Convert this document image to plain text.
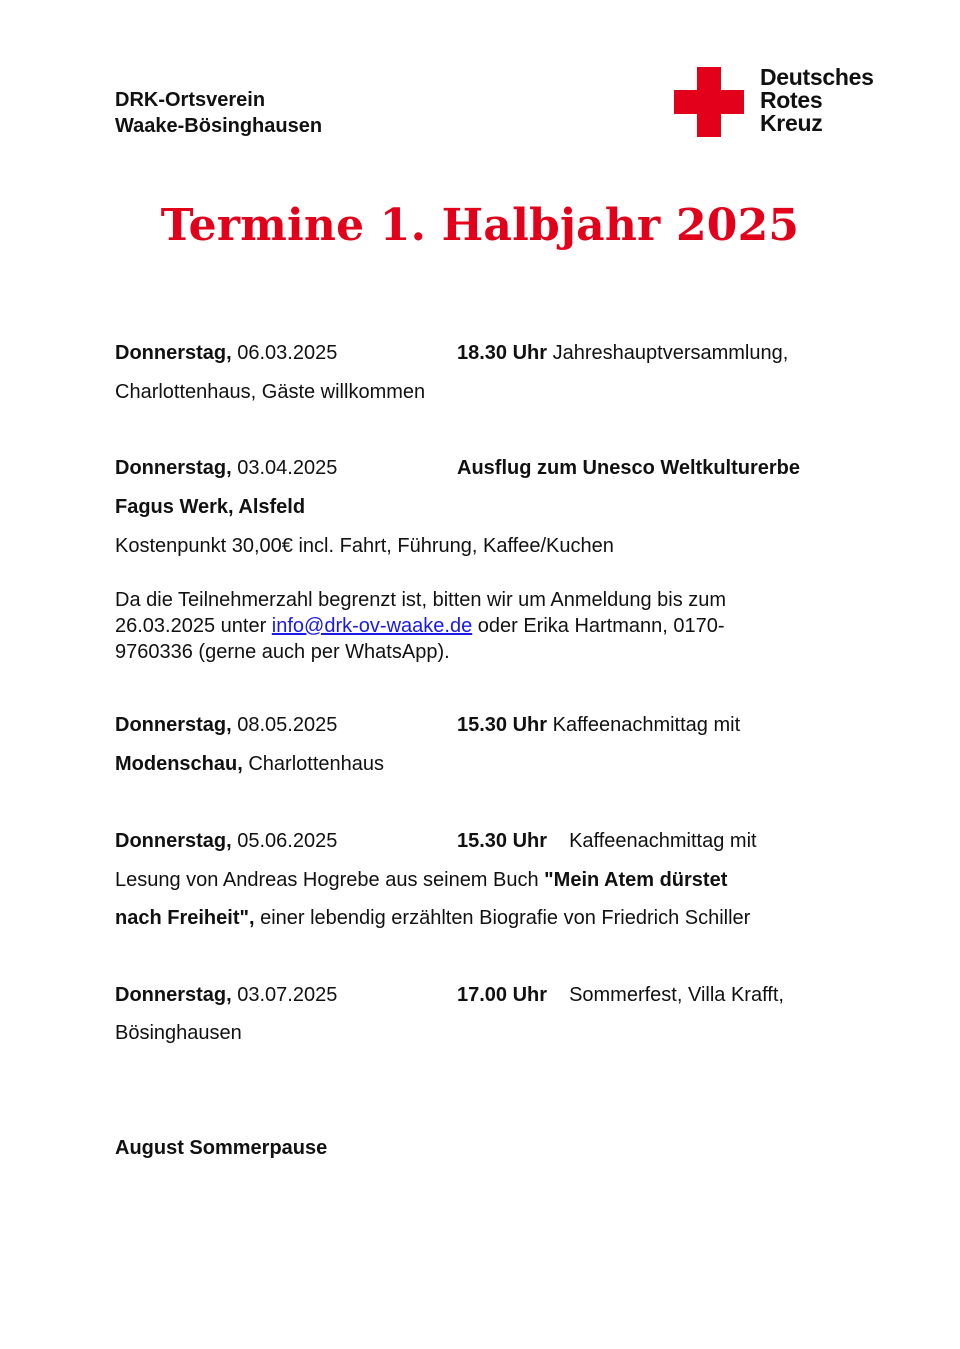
DRK-Ortsverein
Waake-Bösinghausen
Deutsches
Rotes
Kreuz
Termine 1. Halbjahr 2025
Donnerstag, 06.03.2025	18.30 Uhr Jahreshauptversammlung,
Charlottenhaus, Gäste willkommen
Donnerstag, 03.04.2025	Ausflug zum Unesco Weltkulturerbe
Fagus Werk, Alsfeld
Kostenpunkt 30,00€ incl. Fahrt, Führung, Kaffee/Kuchen
Da die Teilnehmerzahl begrenzt ist, bitten wir um Anmeldung bis zum
26.03.2025 unter info@drk-ov-waake.de oder Erika Hartmann, 0170-
9760336 (gerne auch per WhatsApp).
Donnerstag, 08.05.2025	15.30 Uhr Kaffeenachmittag mit
Modenschau, Charlottenhaus
Donnerstag, 05.06.2025	15.30 Uhr Kaffeenachmittag mit
Lesung von Andreas Hogrebe aus seinem Buch "Mein Atem dürstet
nach Freiheit", einer lebendig erzählten Biografie von Friedrich Schiller
Donnerstag, 03.07.2025	17.00 Uhr Sommerfest, Villa Krafft,
Bösinghausen
August Sommerpause
